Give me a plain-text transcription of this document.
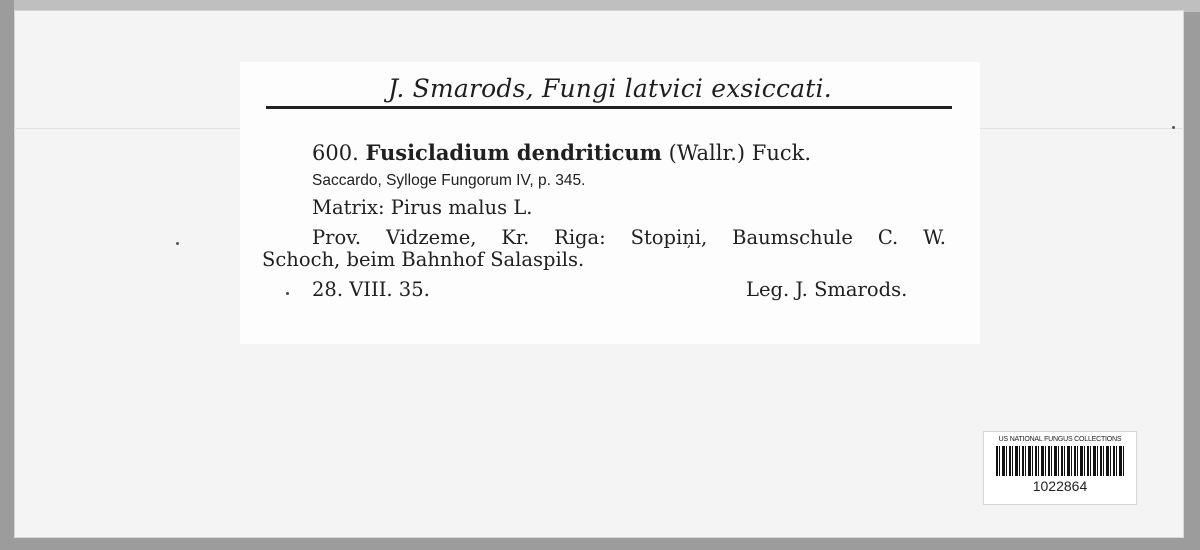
J. Smarods, Fungi latvici exsiccati.
600. Fusicladium dendriticum (Wallr.) Fuck.
Saccardo, Sylloge Fungorum IV, p. 345.
Matrix: Pirus malus L.
Prov. Vidzeme, Kr. Riga: Stopiņi, Baumschule C. W.
Schoch, beim Bahnhof Salaspils.
28. VIII. 35.	Leg. J. Smarods.
US NATIONAL FUNGUS COLLECTIONS
1022864
